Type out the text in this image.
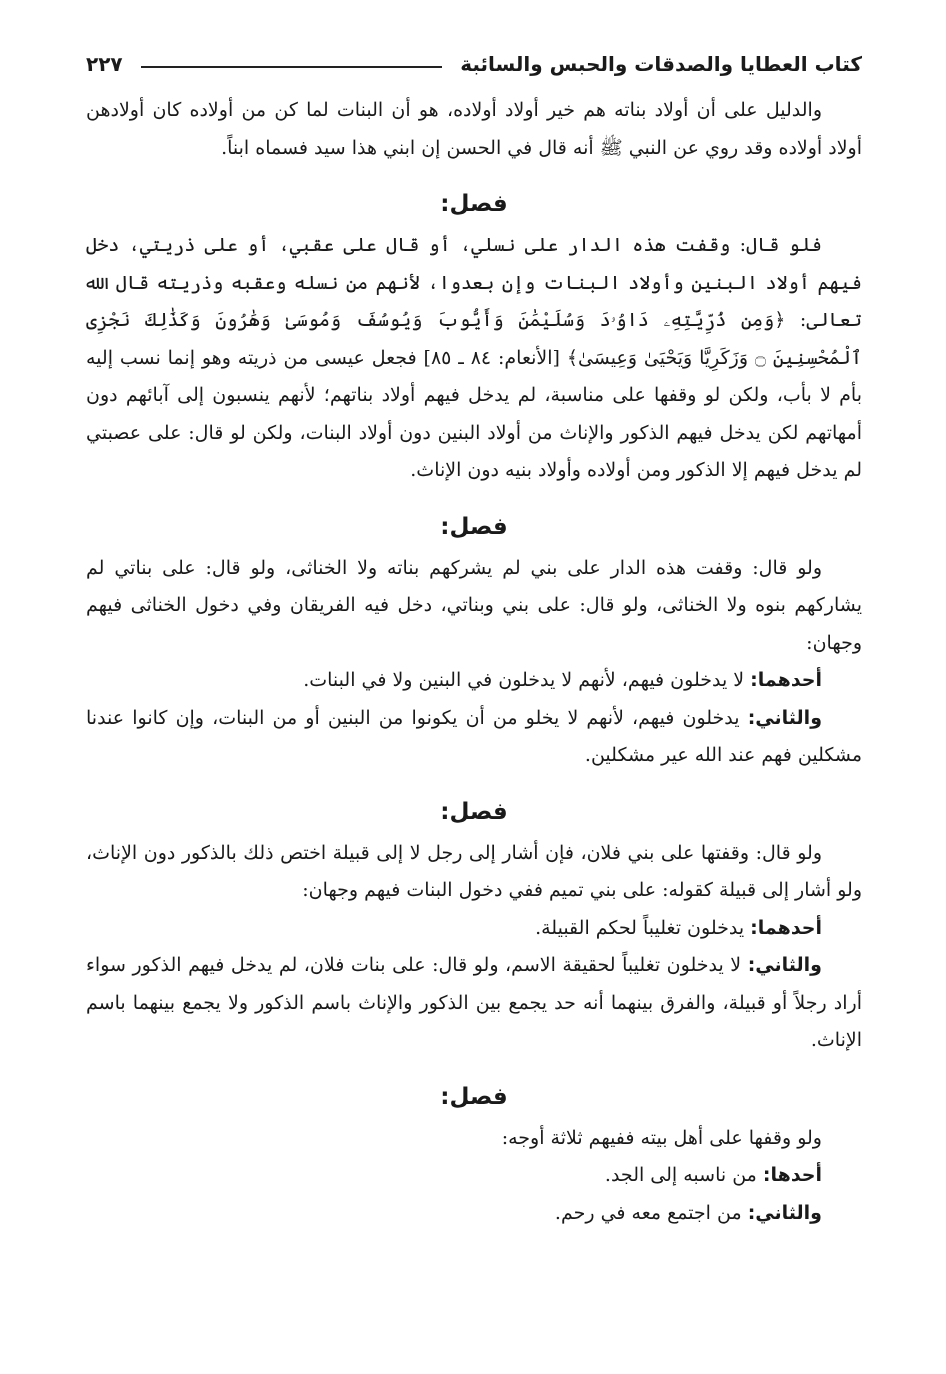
كتاب العطايا والصدقات والحبس والسائبة
٢٢٧

والدليل على أن أولاد بناته هم خير أولاد أولاده، هو أن البنات لما كن من أولاده كان أولادهن أولاد أولاده وقد روي عن النبي ﷺ أنه قال في الحسن إن ابني هذا سيد فسماه ابناً.

فصل:

فلو قال: وقفت هذه الدار على نسلي، أو قال على عقبي، أو على ذريتي، دخل فيهم أولاد البنين وأولاد البنات وإن بعدوا، لأنهم من نسله وعقبه وذريته قال الله تعالى: ﴿وَمِن ذُرِّيَّتِهِۦ دَاوُۥدَ وَسُلَيْمَٰنَ وَأَيُّوبَ وَيُوسُفَ وَمُوسَىٰ وَهَٰرُونَ وَكَذَٰلِكَ نَجْزِى ٱلْمُحْسِنِينَ ۝ وَزَكَرِيَّا وَيَحْيَىٰ وَعِيسَىٰ﴾ [الأنعام: ٨٤ ـ ٨٥] فجعل عيسى من ذريته وهو إنما نسب إليه بأم لا بأب، ولكن لو وقفها على مناسبة، لم يدخل فيهم أولاد بناتهم؛ لأنهم ينسبون إلى آبائهم دون أمهاتهم لكن يدخل فيهم الذكور والإناث من أولاد البنين دون أولاد البنات، ولكن لو قال: على عصبتي لم يدخل فيهم إلا الذكور ومن أولاده وأولاد بنيه دون الإناث.

فصل:

ولو قال: وقفت هذه الدار على بني لم يشركهم بناته ولا الخناثى، ولو قال: على بناتي لم يشاركهم بنوه ولا الخناثى، ولو قال: على بني وبناتي، دخل فيه الفريقان وفي دخول الخناثى فيهم وجهان:

أحدهما: لا يدخلون فيهم، لأنهم لا يدخلون في البنين ولا في البنات.

والثاني: يدخلون فيهم، لأنهم لا يخلو من أن يكونوا من البنين أو من البنات، وإن كانوا عندنا مشكلين فهم عند الله عير مشكلين.

فصل:

ولو قال: وقفتها على بني فلان، فإن أشار إلى رجل لا إلى قبيلة اختص ذلك بالذكور دون الإناث، ولو أشار إلى قبيلة كقوله: على بني تميم ففي دخول البنات فيهم وجهان:

أحدهما: يدخلون تغليباً لحكم القبيلة.

والثاني: لا يدخلون تغليباً لحقيقة الاسم، ولو قال: على بنات فلان، لم يدخل فيهم الذكور سواء أراد رجلاً أو قبيلة، والفرق بينهما أنه حد يجمع بين الذكور والإناث باسم الذكور ولا يجمع بينهما باسم الإناث.

فصل:

ولو وقفها على أهل بيته ففيهم ثلاثة أوجه:

أحدها: من ناسبه إلى الجد.

والثاني: من اجتمع معه في رحم.
